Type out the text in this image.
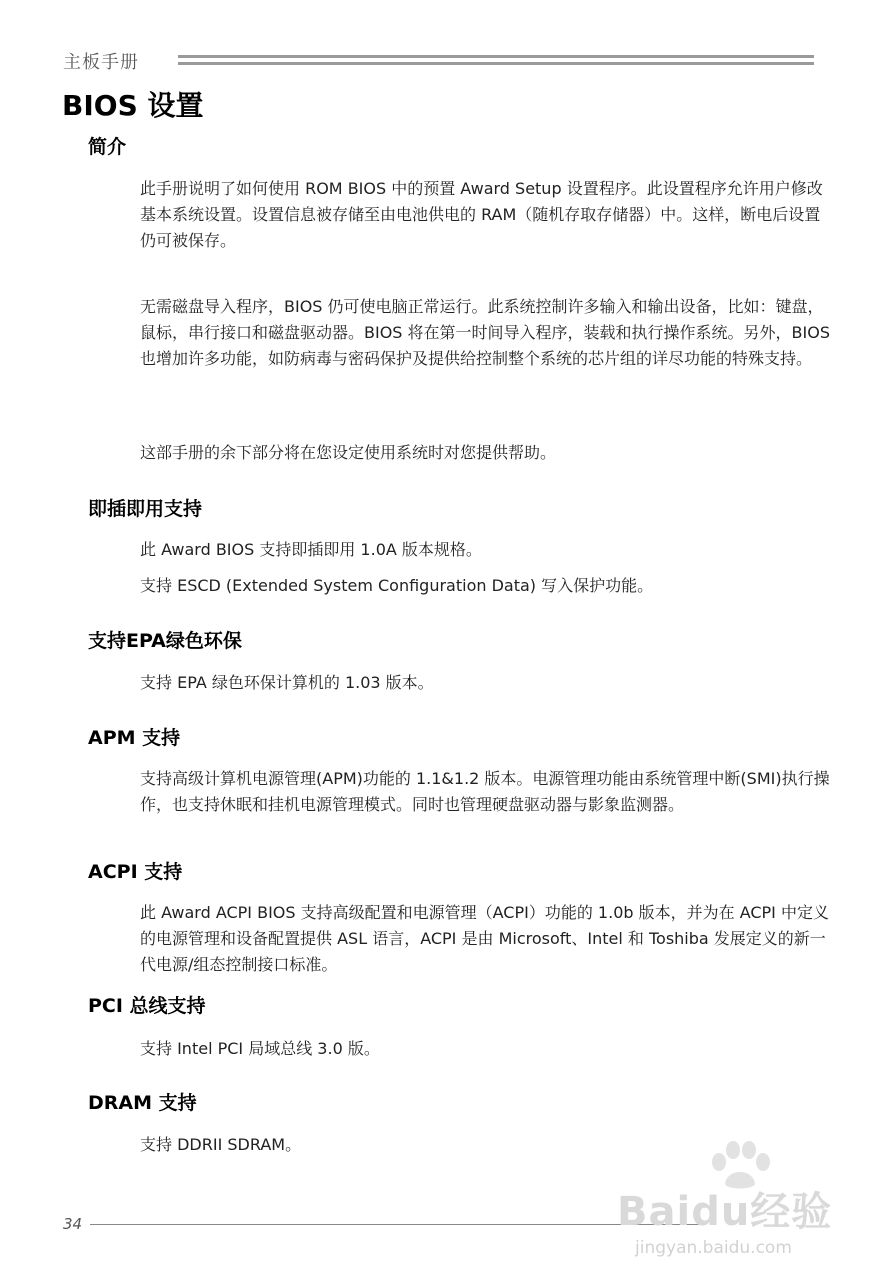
主板手册
BIOS 设置
简介
此手册说明了如何使用 ROM BIOS 中的预置 Award Setup 设置程序。此设置程序允许用户修改基本系统设置。设置信息被存储至由电池供电的 RAM（随机存取存储器）中。这样，断电后设置仍可被保存。
无需磁盘导入程序，BIOS 仍可使电脑正常运行。此系统控制许多输入和输出设备，比如：键盘，鼠标，串行接口和磁盘驱动器。BIOS 将在第一时间导入程序，装载和执行操作系统。另外，BIOS 也增加许多功能，如防病毒与密码保护及提供给控制整个系统的芯片组的详尽功能的特殊支持。
这部手册的余下部分将在您设定使用系统时对您提供帮助。
即插即用支持
此 Award BIOS 支持即插即用 1.0A 版本规格。
支持 ESCD (Extended System Configuration Data) 写入保护功能。
支持EPA绿色环保
支持 EPA 绿色环保计算机的 1.03 版本。
APM 支持
支持高级计算机电源管理(APM)功能的 1.1&1.2 版本。电源管理功能由系统管理中断(SMI)执行操作，也支持休眠和挂机电源管理模式。同时也管理硬盘驱动器与影象监测器。
ACPI 支持
此 Award ACPI BIOS 支持高级配置和电源管理（ACPI）功能的 1.0b 版本，并为在 ACPI 中定义的电源管理和设备配置提供 ASL 语言，ACPI 是由 Microsoft、Intel 和 Toshiba 发展定义的新一代电源/组态控制接口标准。
PCI 总线支持
支持 Intel PCI 局域总线 3.0 版。
DRAM 支持
支持 DDRII SDRAM。
34	Baidu经验
jingyan.baidu.com
